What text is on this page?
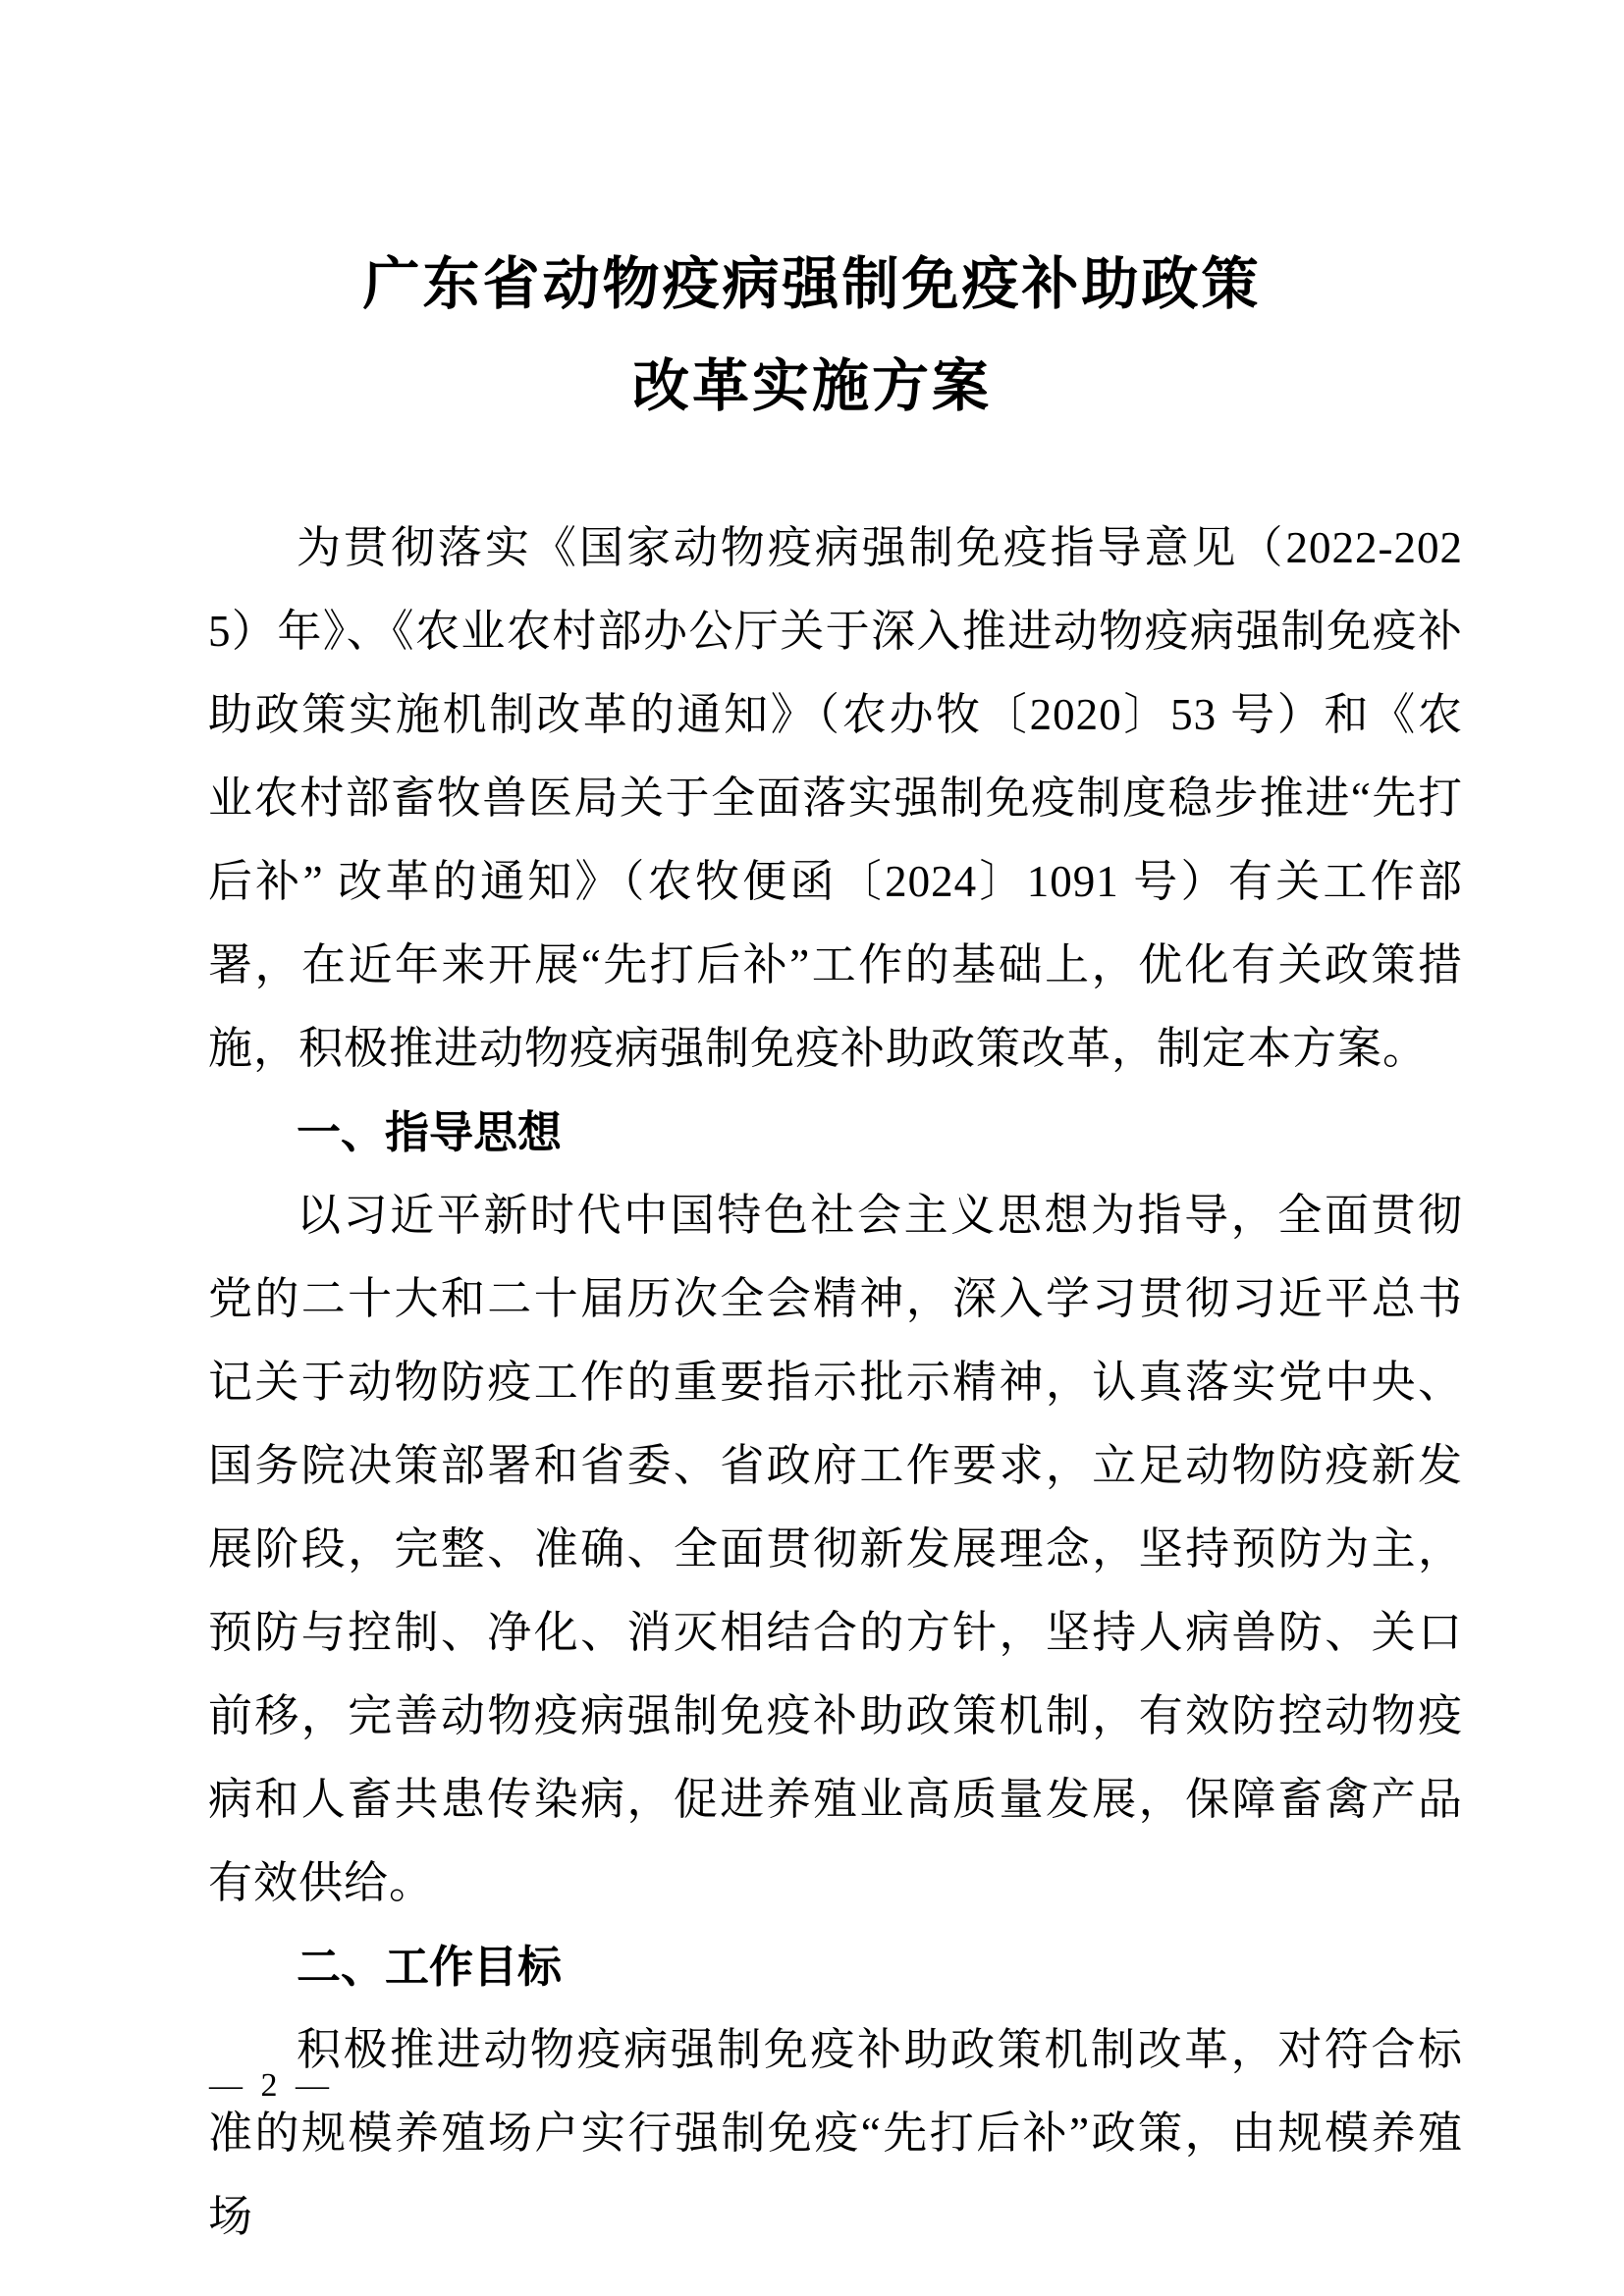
广东省动物疫病强制免疫补助政策
改革实施方案

为贯彻落实《国家动物疫病强制免疫指导意见（2022-2025）年》、《农业农村部办公厅关于深入推进动物疫病强制免疫补助政策实施机制改革的通知》（农办牧〔2020〕53 号）和《农业农村部畜牧兽医局关于全面落实强制免疫制度稳步推进“先打后补” 改革的通知》（农牧便函〔2024〕1091 号）有关工作部署，在近年来开展“先打后补”工作的基础上，优化有关政策措施，积极推进动物疫病强制免疫补助政策改革，制定本方案。

一、指导思想

以习近平新时代中国特色社会主义思想为指导，全面贯彻党的二十大和二十届历次全会精神，深入学习贯彻习近平总书记关于动物防疫工作的重要指示批示精神，认真落实党中央、国务院决策部署和省委、省政府工作要求，立足动物防疫新发展阶段，完整、准确、全面贯彻新发展理念，坚持预防为主，预防与控制、净化、消灭相结合的方针，坚持人病兽防、关口前移，完善动物疫病强制免疫补助政策机制，有效防控动物疫病和人畜共患传染病，促进养殖业高质量发展，保障畜禽产品有效供给。

二、工作目标

积极推进动物疫病强制免疫补助政策机制改革，对符合标准的规模养殖场户实行强制免疫“先打后补”政策，由规模养殖场

— 2 —
